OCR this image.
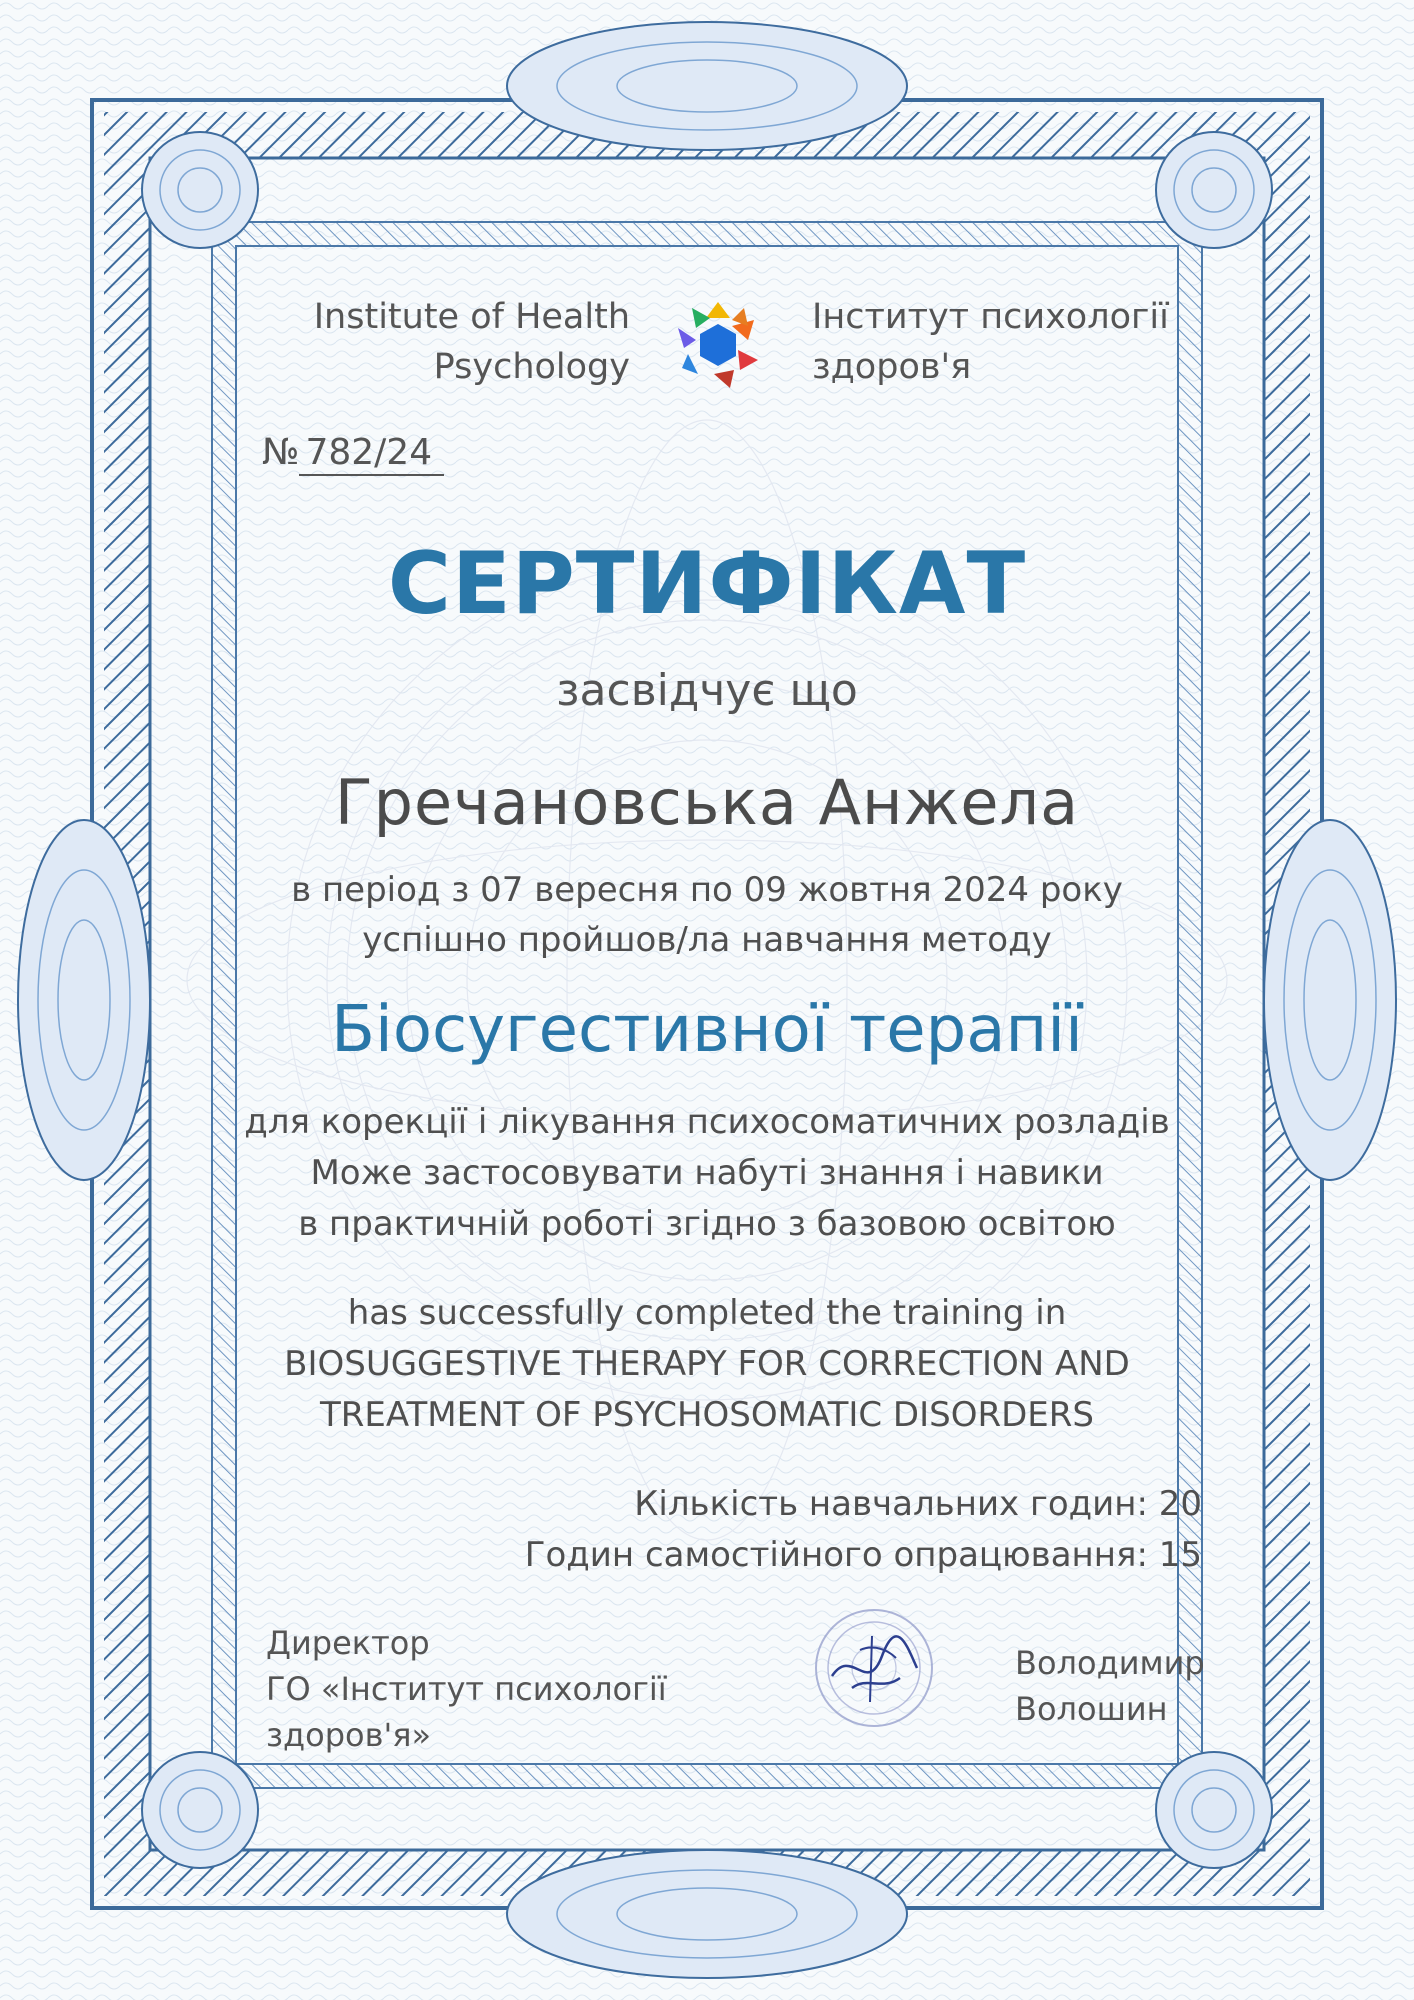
Institute of Health
Psychology
Інститут психології
здоров'я
№ 782/24
СЕРТИФІКАТ
засвідчує що
Гречановська Анжела
в період з 07 вересня по 09 жовтня 2024 року
успішно пройшов/ла навчання методу
Біосугестивної терапії
для корекції і лікування психосоматичних розладів
Може застосовувати набуті знання і навики
в практичній роботі згідно з базовою освітою
has successfully completed the training in
BIOSUGGESTIVE THERAPY FOR CORRECTION AND
TREATMENT OF PSYCHOSOMATIC DISORDERS
Кількість навчальних годин: 20
Годин самостійного опрацювання: 15
Директор
ГО «Інститут психології
здоров'я»
Володимир
Волошин
